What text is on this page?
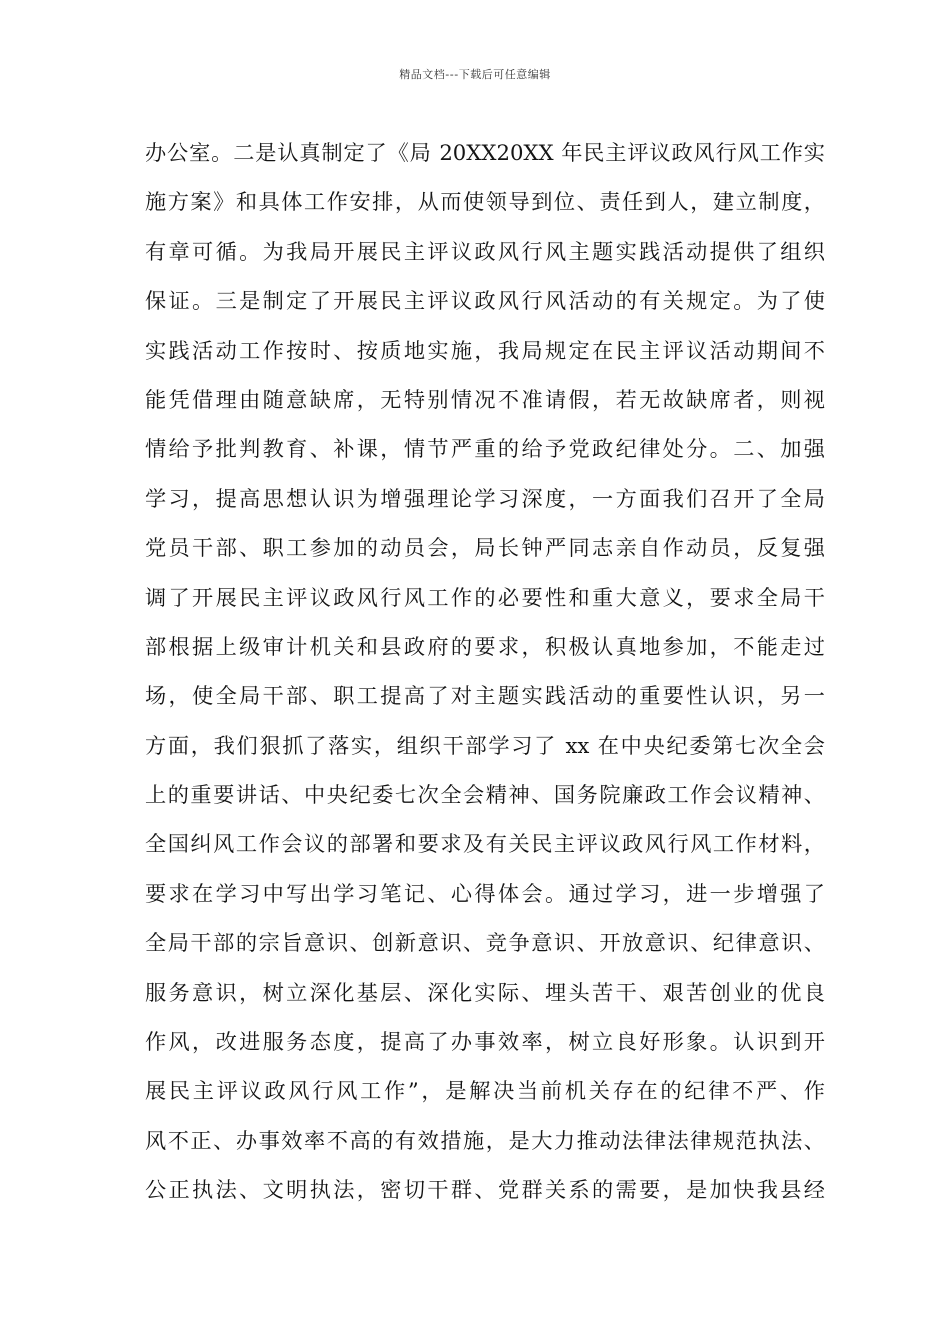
精品文档---下载后可任意编辑
办公室。二是认真制定了《局 20XX20XX 年民主评议政风行风工作实
施方案》和具体工作安排，从而使领导到位、责任到人，建立制度，
有章可循。为我局开展民主评议政风行风主题实践活动提供了组织
保证。三是制定了开展民主评议政风行风活动的有关规定。为了使
实践活动工作按时、按质地实施，我局规定在民主评议活动期间不
能凭借理由随意缺席，无特别情况不准请假，若无故缺席者，则视
情给予批判教育、补课，情节严重的给予党政纪律处分。二、加强
学习，提高思想认识为增强理论学习深度，一方面我们召开了全局
党员干部、职工参加的动员会，局长钟严同志亲自作动员，反复强
调了开展民主评议政风行风工作的必要性和重大意义，要求全局干
部根据上级审计机关和县政府的要求，积极认真地参加，不能走过
场，使全局干部、职工提高了对主题实践活动的重要性认识，另一
方面，我们狠抓了落实，组织干部学习了 xx 在中央纪委第七次全会
上的重要讲话、中央纪委七次全会精神、国务院廉政工作会议精神、
全国纠风工作会议的部署和要求及有关民主评议政风行风工作材料，
要求在学习中写出学习笔记、心得体会。通过学习，进一步增强了
全局干部的宗旨意识、创新意识、竞争意识、开放意识、纪律意识、
服务意识，树立深化基层、深化实际、埋头苦干、艰苦创业的优良
作风，改进服务态度，提高了办事效率，树立良好形象。认识到开
展民主评议政风行风工作”，是解决当前机关存在的纪律不严、作
风不正、办事效率不高的有效措施，是大力推动法律法律规范执法、
公正执法、文明执法，密切干群、党群关系的需要，是加快我县经
